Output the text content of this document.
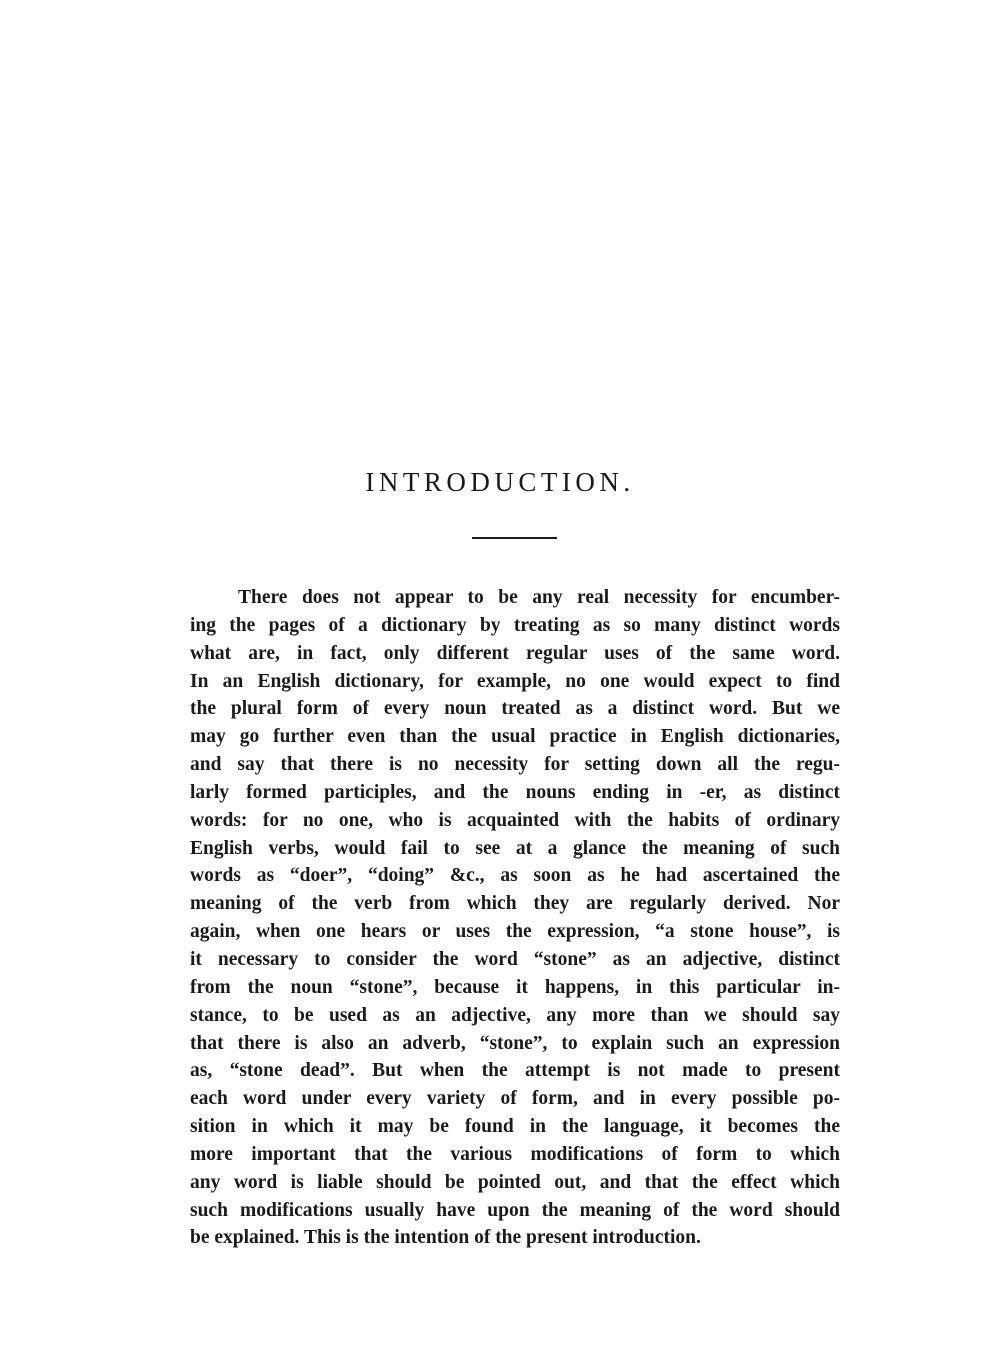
INTRODUCTION.
There does not appear to be any real necessity for encumber-
ing the pages of a dictionary by treating as so many distinct words
what are, in fact, only different regular uses of the same word.
In an English dictionary, for example, no one would expect to find
the plural form of every noun treated as a distinct word. But we
may go further even than the usual practice in English dictionaries,
and say that there is no necessity for setting down all the regu-
larly formed participles, and the nouns ending in -er, as distinct
words: for no one, who is acquainted with the habits of ordinary
English verbs, would fail to see at a glance the meaning of such
words as “doer”, “doing” &c., as soon as he had ascertained the
meaning of the verb from which they are regularly derived. Nor
again, when one hears or uses the expression, “a stone house”, is
it necessary to consider the word “stone” as an adjective, distinct
from the noun “stone”, because it happens, in this particular in-
stance, to be used as an adjective, any more than we should say
that there is also an adverb, “stone”, to explain such an expression
as, “stone dead”. But when the attempt is not made to present
each word under every variety of form, and in every possible po-
sition in which it may be found in the language, it becomes the
more important that the various modifications of form to which
any word is liable should be pointed out, and that the effect which
such modifications usually have upon the meaning of the word should
be explained. This is the intention of the present introduction.
